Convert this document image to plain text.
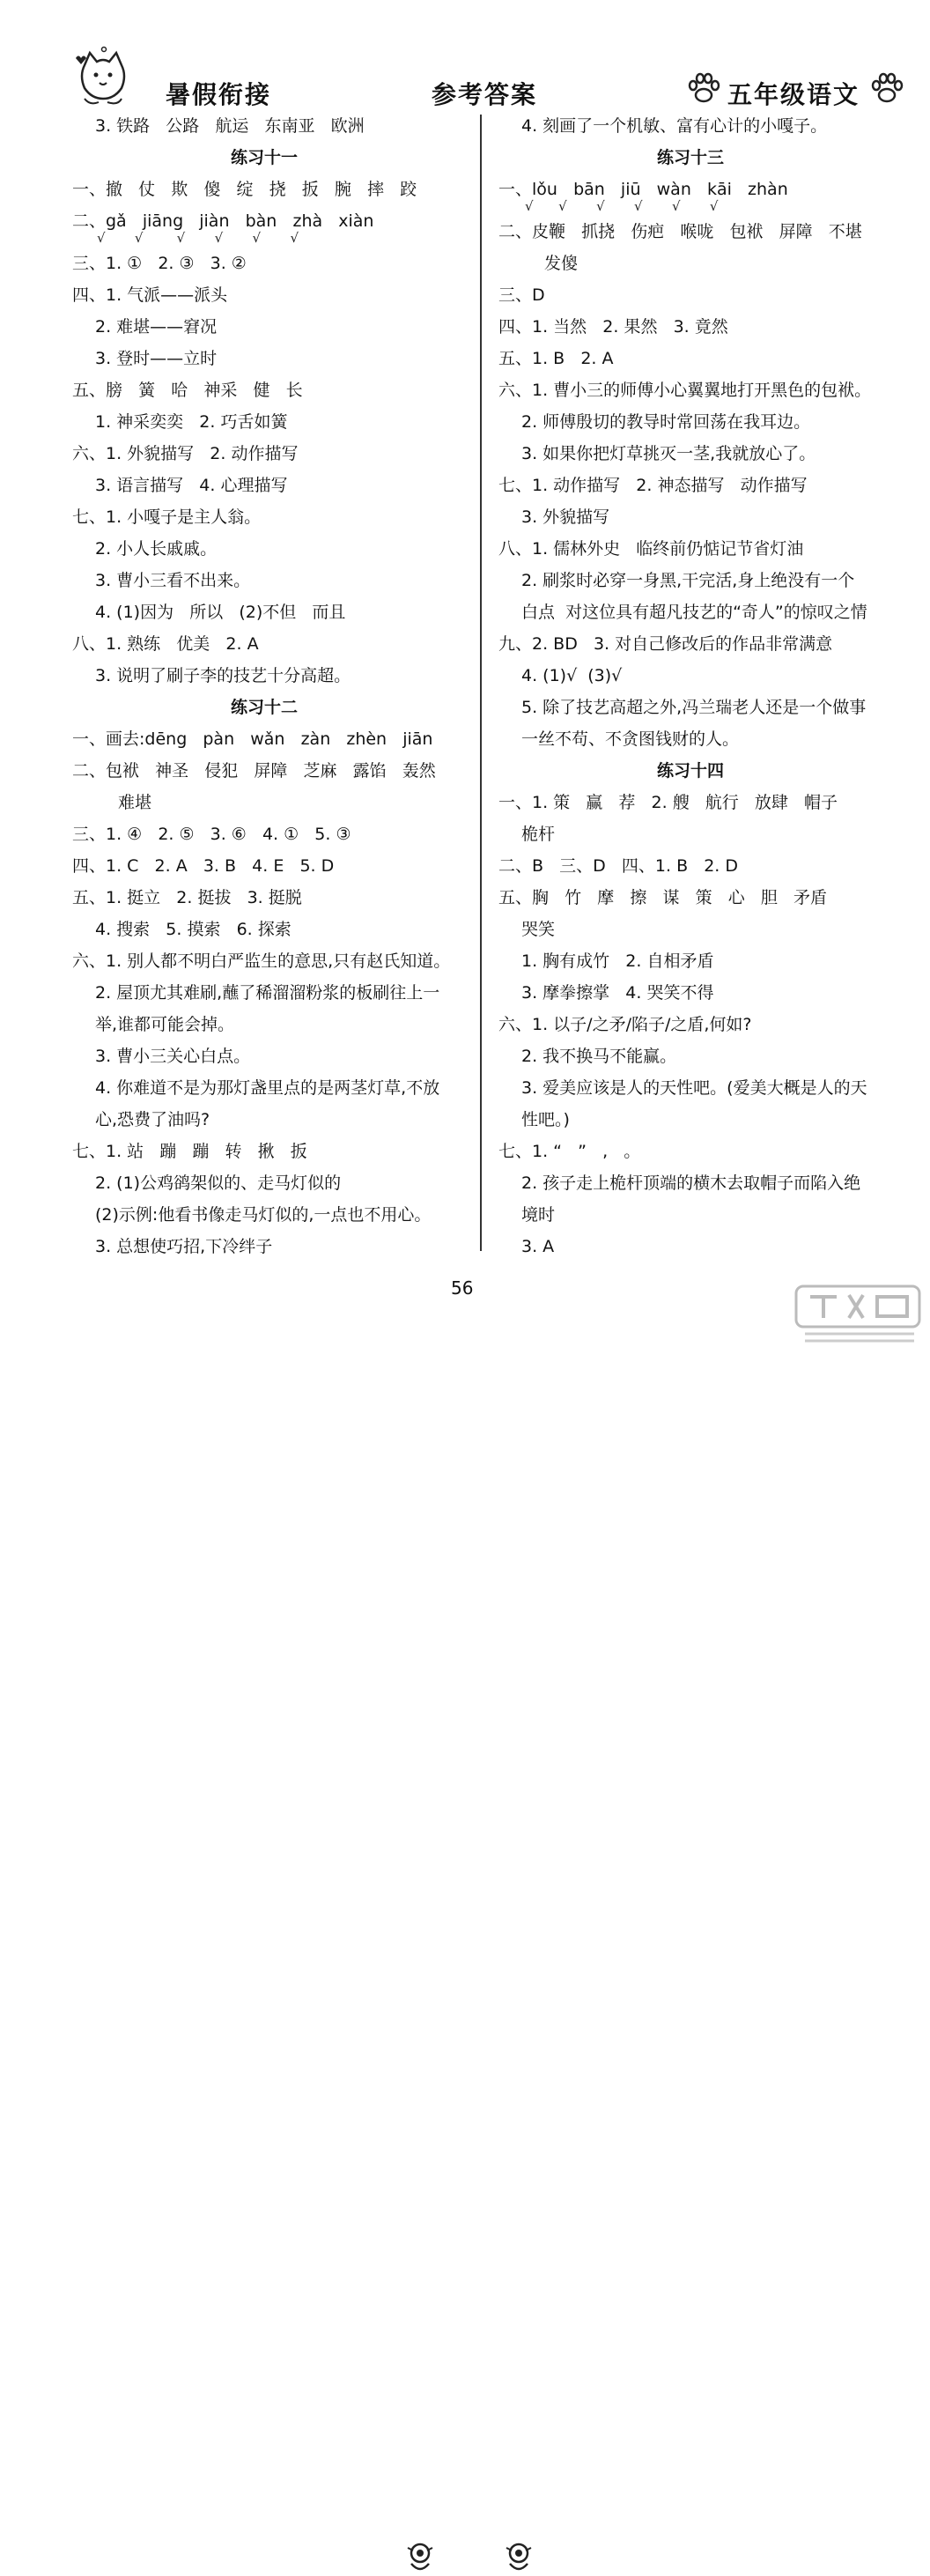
暑假衔接	参考答案	五年级语文
√       √        √       √       √       √
3. 铁路   公路   航运   东南亚   欧洲
练习十一
一、撤   仗   欺   傻   绽   挠   扳   腕   摔   跤
二、gǎ   jiāng   jiàn   bàn   zhà   xiàn
三、1. ①   2. ③   3. ②
四、1. 气派——派头
2. 难堪——窘况
3. 登时——立时
五、膀   簧   哈   神采   健   长
1. 神采奕奕   2. 巧舌如簧
六、1. 外貌描写   2. 动作描写
3. 语言描写   4. 心理描写
七、1. 小嘎子是主人翁。
2. 小人长戚戚。
3. 曹小三看不出来。
4. (1)因为   所以   (2)不但   而且
八、1. 熟练   优美   2. A
3. 说明了刷子李的技艺十分高超。
练习十二
一、画去:dēng   pàn   wǎn   zàn   zhèn   jiān
二、包袱   神圣   侵犯   屏障   芝麻   露馅   轰然
难堪
三、1. ④   2. ⑤   3. ⑥   4. ①   5. ③
四、1. C   2. A   3. B   4. E   5. D
五、1. 挺立   2. 挺拔   3. 挺脱
4. 搜索   5. 摸索   6. 探索
六、1. 别人都不明白严监生的意思,只有赵氏知道。
2. 屋顶尤其难刷,蘸了稀溜溜粉浆的板刷往上一
举,谁都可能会掉。
3. 曹小三关心白点。
4. 你难道不是为那灯盏里点的是两茎灯草,不放
心,恐费了油吗?
七、1. 站   蹦   蹦   转   揪   扳
2. (1)公鸡鹆架似的、走马灯似的
(2)示例:他看书像走马灯似的,一点也不用心。
3. 总想使巧招,下冷绊子
√      √       √       √       √       √
4. 刻画了一个机敏、富有心计的小嘎子。
练习十三
一、lǒu   bān   jiū   wàn   kāi   zhàn
二、皮鞭   抓挠   伤疤   喉咙   包袱   屏障   不堪
发傻
三、D
四、1. 当然   2. 果然   3. 竟然
五、1. B   2. A
六、1. 曹小三的师傅小心翼翼地打开黑色的包袱。
2. 师傅殷切的教导时常回荡在我耳边。
3. 如果你把灯草挑灭一茎,我就放心了。
七、1. 动作描写   2. 神态描写   动作描写
3. 外貌描写
八、1. 儒林外史   临终前仍惦记节省灯油
2. 刷浆时必穿一身黑,干完活,身上绝没有一个
白点  对这位具有超凡技艺的“奇人”的惊叹之情
九、2. BD   3. 对自己修改后的作品非常满意
4. (1)√  (3)√
5. 除了技艺高超之外,冯兰瑞老人还是一个做事
一丝不苟、不贪图钱财的人。
练习十四
一、1. 策   赢   荐   2. 艘   航行   放肆   帽子
桅杆
二、B   三、D   四、1. B   2. D
五、胸   竹   摩   擦   谋   策   心   胆   矛盾
哭笑
1. 胸有成竹   2. 自相矛盾
3. 摩拳擦掌   4. 哭笑不得
六、1. 以子/之矛/陷子/之盾,何如?
2. 我不换马不能赢。
3. 爱美应该是人的天性吧。(爱美大概是人的天
性吧。)
七、1. “   ”   ,   。
2. 孩子走上桅杆顶端的横木去取帽子而陷入绝
境时
3. A
56
